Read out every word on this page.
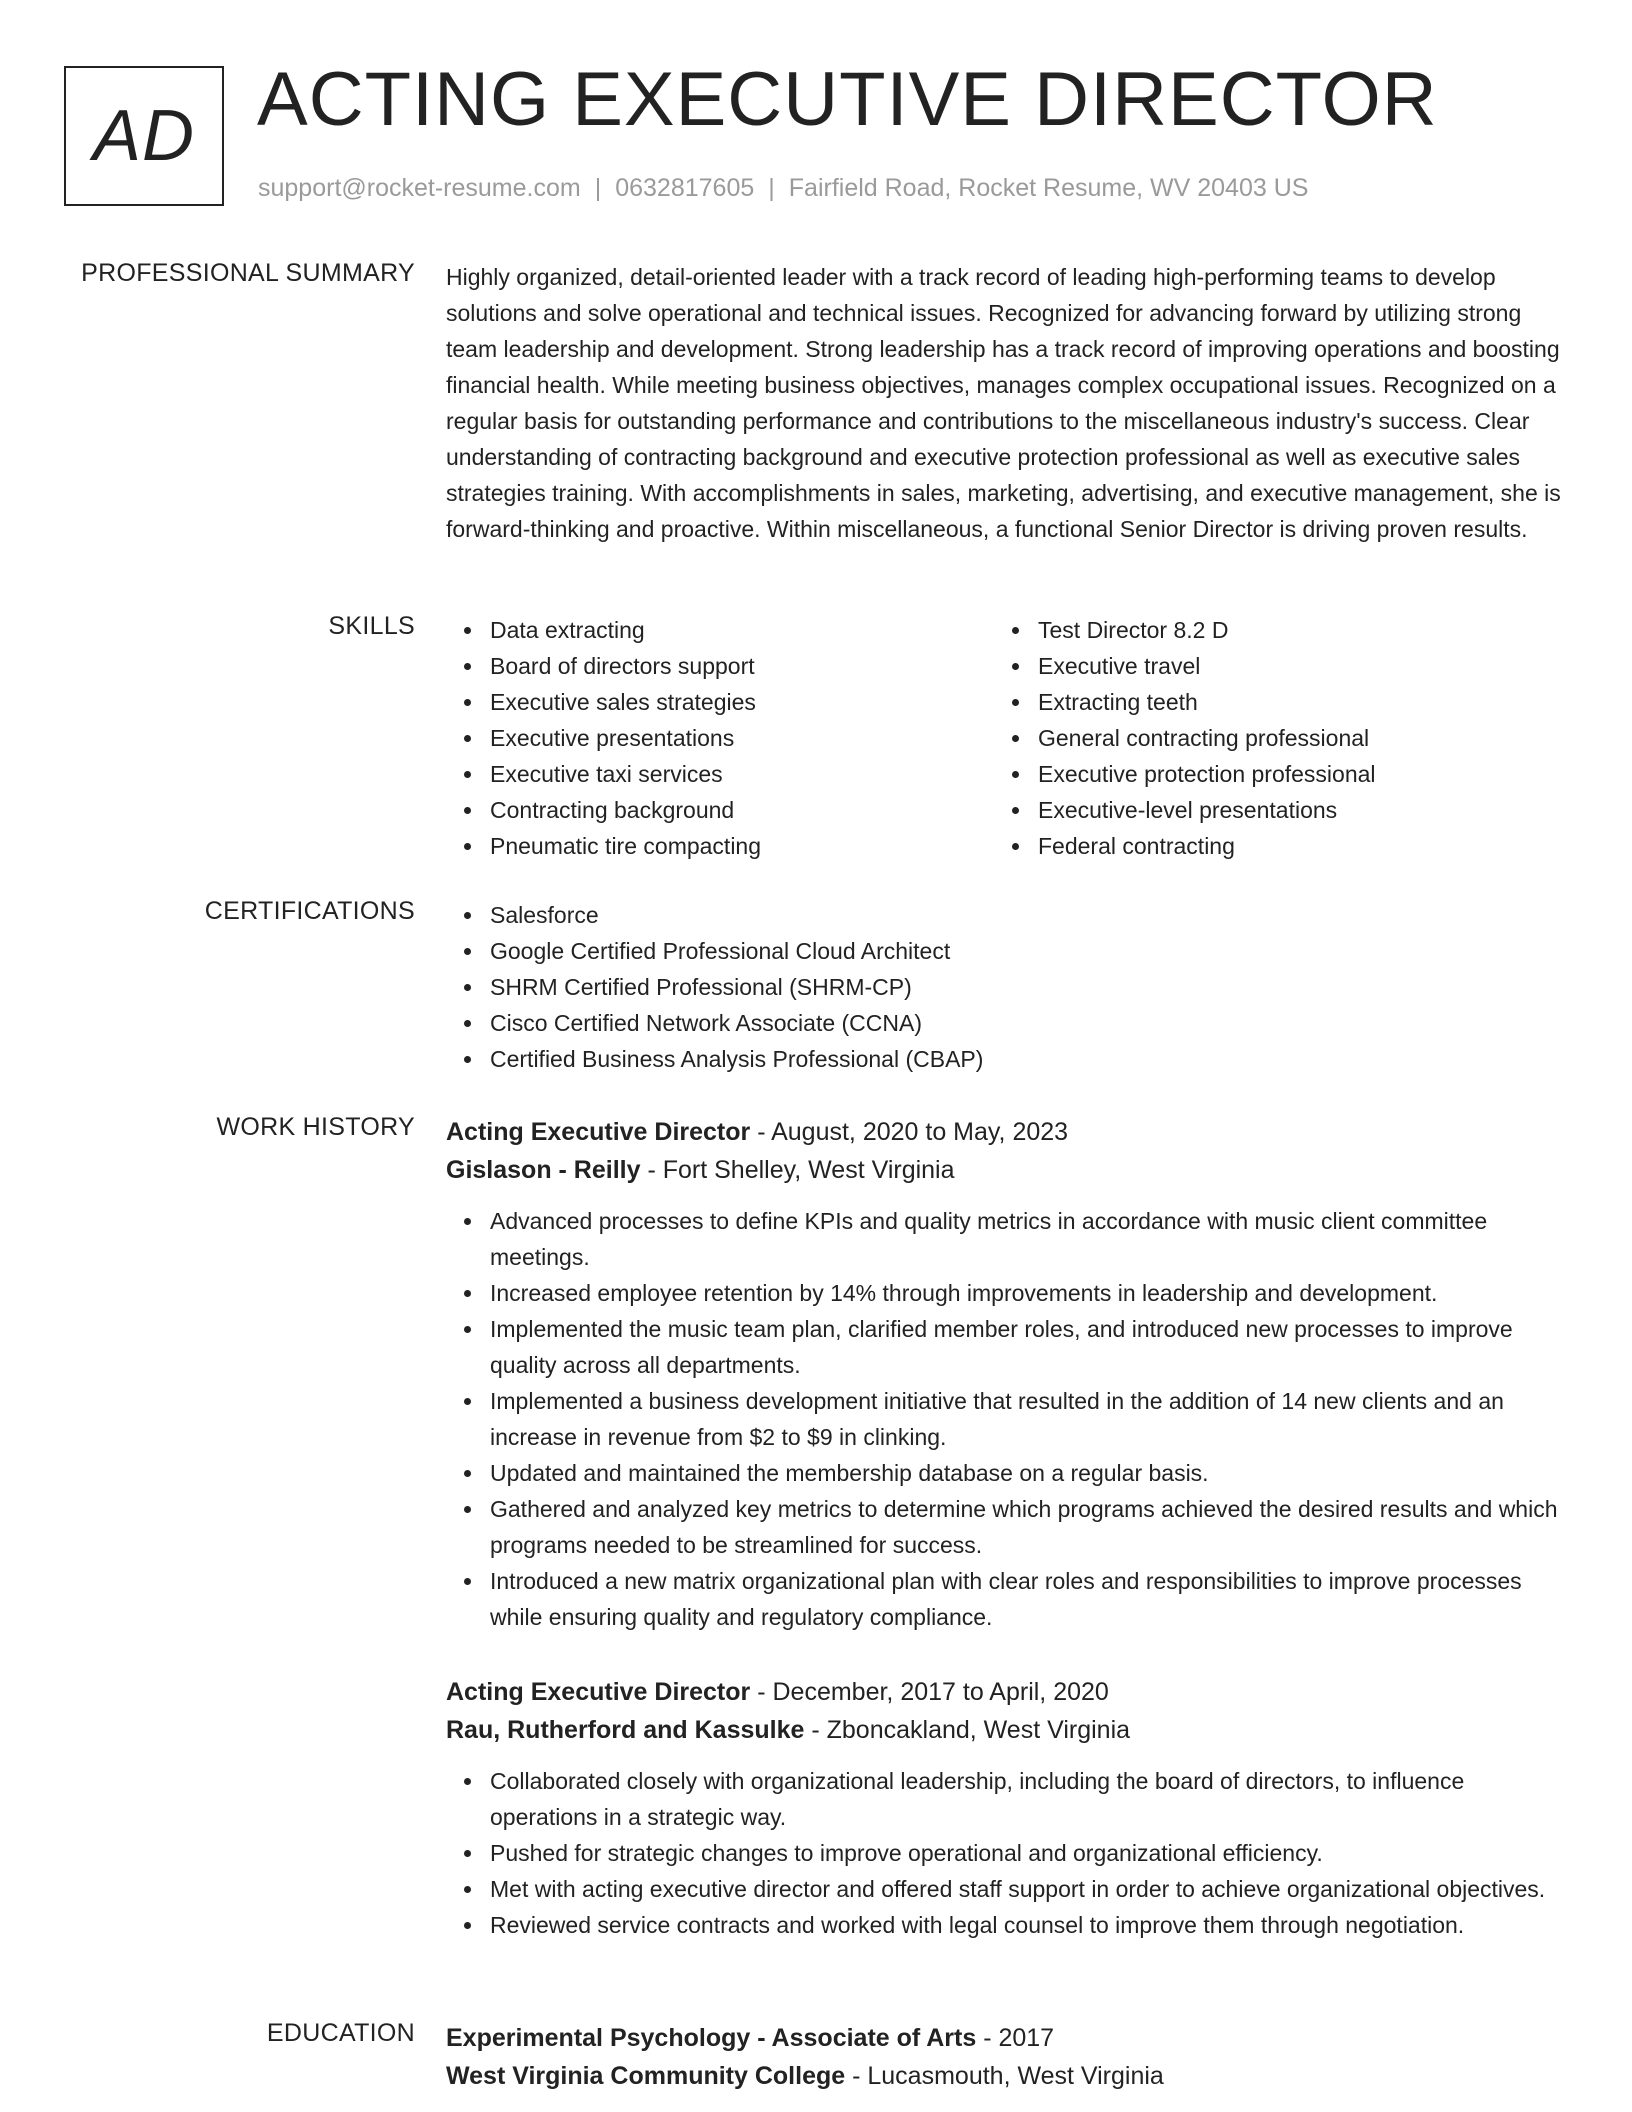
AD ACTING EXECUTIVE DIRECTOR
support@rocket-resume.com | 0632817605 | Fairfield Road, Rocket Resume, WV 20403 US
PROFESSIONAL SUMMARY Highly organized, detail-oriented leader with a track record of leading high-performing teams to develop solutions and solve operational and technical issues. Recognized for advancing forward by utilizing strong team leadership and development. Strong leadership has a track record of improving operations and boosting financial health. While meeting business objectives, manages complex occupational issues. Recognized on a regular basis for outstanding performance and contributions to the miscellaneous industry's success. Clear understanding of contracting background and executive protection professional as well as executive sales strategies training. With accomplishments in sales, marketing, advertising, and executive management, she is forward-thinking and proactive. Within miscellaneous, a functional Senior Director is driving proven results.

SKILLS	Data extracting
Board of directors support
Executive sales strategies
Executive presentations
Executive taxi services
Contracting background
Pneumatic tire compacting
Test Director 8.2 D
Executive travel
Extracting teeth
General contracting professional
Executive protection professional
Executive-level presentations
Federal contracting
CERTIFICATIONS	Salesforce
Google Certified Professional Cloud Architect
SHRM Certified Professional (SHRM-CP)
Cisco Certified Network Associate (CCNA)
Certified Business Analysis Professional (CBAP)
WORK HISTORY Acting Executive Director - August, 2020 to May, 2023
Gislason - Reilly - Fort Shelley, West Virginia
Advanced processes to define KPIs and quality metrics in accordance with music client committee meetings.
Increased employee retention by 14% through improvements in leadership and development.
Implemented the music team plan, clarified member roles, and introduced new processes to improve quality across all departments.
Implemented a business development initiative that resulted in the addition of 14 new clients and an increase in revenue from $2 to $9 in clinking.
Updated and maintained the membership database on a regular basis.
Gathered and analyzed key metrics to determine which programs achieved the desired results and which programs needed to be streamlined for success.
Introduced a new matrix organizational plan with clear roles and responsibilities to improve processes while ensuring quality and regulatory compliance.
Acting Executive Director - December, 2017 to April, 2020
Rau, Rutherford and Kassulke - Zboncakland, West Virginia
Collaborated closely with organizational leadership, including the board of directors, to influence operations in a strategic way.
Pushed for strategic changes to improve operational and organizational efficiency.
Met with acting executive director and offered staff support in order to achieve organizational objectives.
Reviewed service contracts and worked with legal counsel to improve them through negotiation.
EDUCATION Experimental Psychology - Associate of Arts - 2017
West Virginia Community College - Lucasmouth, West Virginia
